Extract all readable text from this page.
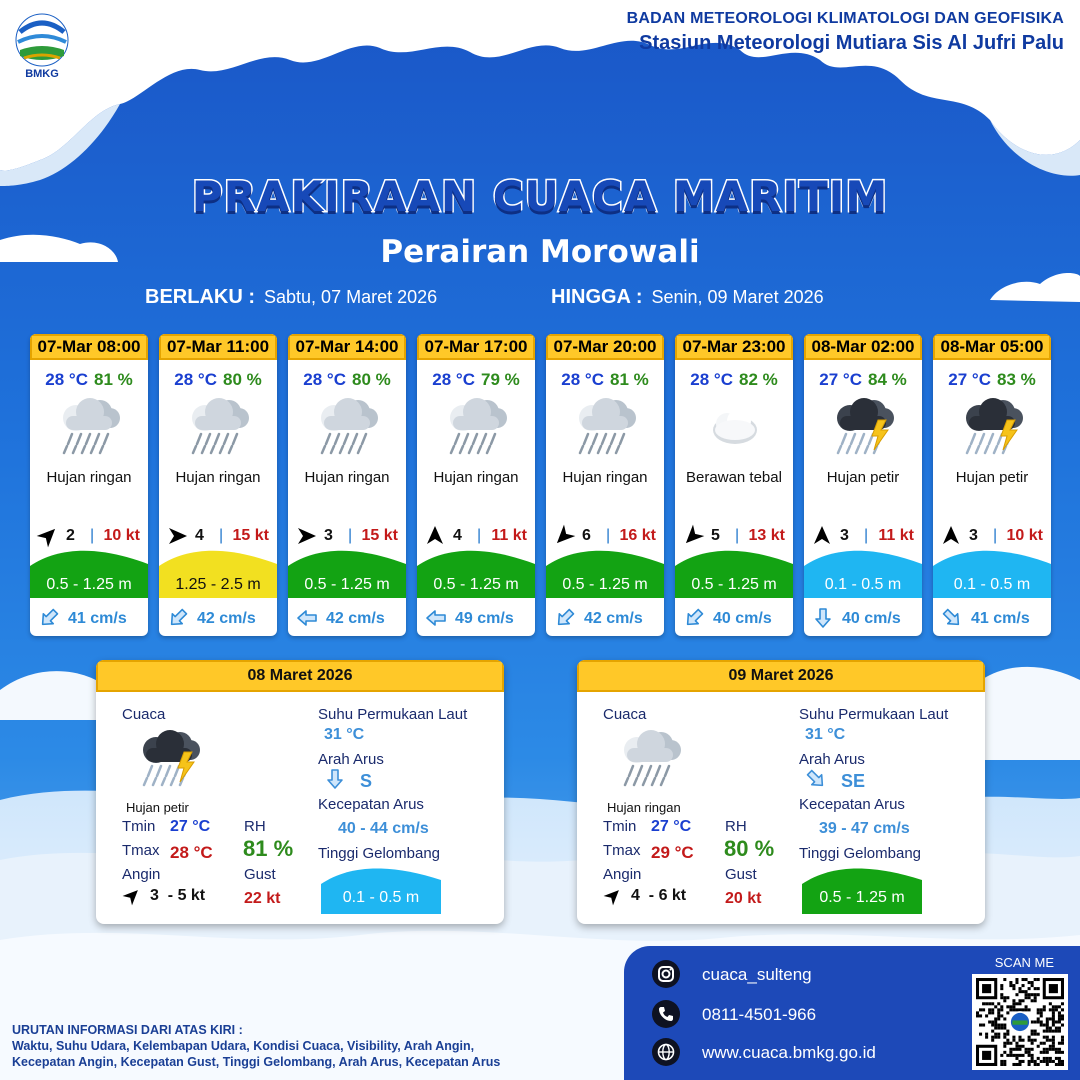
BMKG
BADAN METEOROLOGI KLIMATOLOGI DAN GEOFISIKA
Stasiun Meteorologi Mutiara Sis Al Jufri Palu
PRAKIRAAN CUACA MARITIM
Perairan Morowali
BERLAKU : Sabtu, 07 Maret 2026	HINGGA : Senin, 09 Maret 2026
07-Mar 08:00
28 °C 81 %
Hujan ringan
2 | 10 kt
0.5 - 1.25 m
41 cm/s
07-Mar 11:00
28 °C 80 %
Hujan ringan
4 | 15 kt
1.25 - 2.5 m
42 cm/s
07-Mar 14:00
28 °C 80 %
Hujan ringan
3 | 15 kt
0.5 - 1.25 m
42 cm/s
07-Mar 17:00
28 °C 79 %
Hujan ringan
4 | 11 kt
0.5 - 1.25 m
49 cm/s
07-Mar 20:00
28 °C 81 %
Hujan ringan
6 | 16 kt
0.5 - 1.25 m
42 cm/s
07-Mar 23:00
28 °C 82 %
Berawan tebal
5 | 13 kt
0.5 - 1.25 m
40 cm/s
08-Mar 02:00
27 °C 84 %
Hujan petir
3 | 11 kt
0.1 - 0.5 m
40 cm/s
08-Mar 05:00
27 °C 83 %
Hujan petir
3 | 10 kt
0.1 - 0.5 m
41 cm/s
08 Maret 2026
Cuaca
Hujan petir
Tmin 27 °C
Tmax 28 °C
RH
81 %
Angin
3  - 5 kt
Gust
22 kt
Suhu Permukaan Laut
31 °C
Arah Arus
S
Kecepatan Arus
40 - 44 cm/s
Tinggi Gelombang
0.1 - 0.5 m
09 Maret 2026
Cuaca
Hujan ringan
Tmin 27 °C
Tmax 29 °C
RH
80 %
Angin
4  - 6 kt
Gust
20 kt
Suhu Permukaan Laut
31 °C
Arah Arus
SE
Kecepatan Arus
39 - 47 cm/s
Tinggi Gelombang
0.5 - 1.25 m
cuaca_sulteng
0811-4501-966
www.cuaca.bmkg.go.id
SCAN ME
URUTAN INFORMASI DARI ATAS KIRI :
Waktu, Suhu Udara, Kelembapan Udara, Kondisi Cuaca, Visibility, Arah Angin,
Kecepatan Angin, Kecepatan Gust, Tinggi Gelombang, Arah Arus, Kecepatan Arus
